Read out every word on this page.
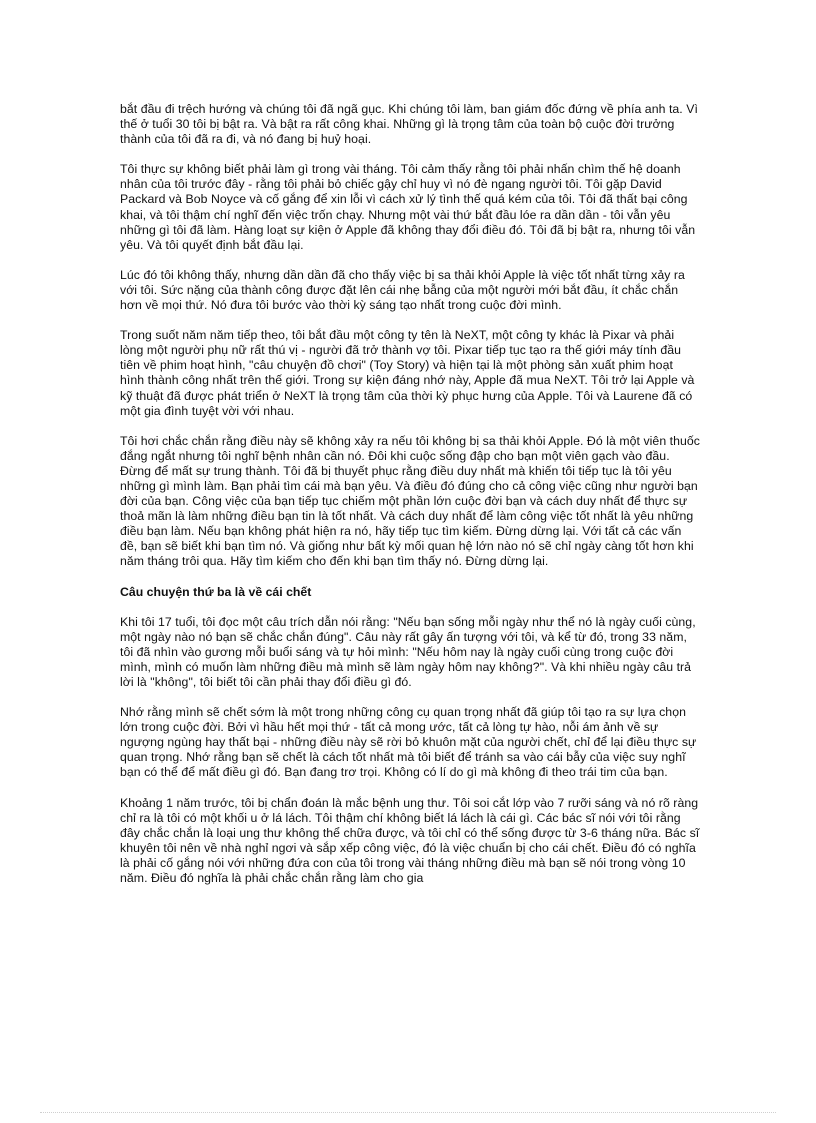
bắt đầu đi trệch hướng và chúng tôi đã ngã gục. Khi chúng tôi làm, ban giám đốc đứng về phía anh ta. Vì thế ở tuổi 30 tôi bị bật ra. Và bật ra rất công khai. Những gì là trọng tâm của toàn bộ cuộc đời trưởng thành của tôi đã ra đi, và nó đang bị huỷ hoại.

Tôi thực sự không biết phải làm gì trong vài tháng. Tôi cảm thấy rằng tôi phải nhấn chìm thế hệ doanh nhân của tôi trước đây - rằng tôi phải bỏ chiếc gậy chỉ huy vì nó đè ngang người tôi. Tôi gặp David Packard và Bob Noyce và cố gắng để xin lỗi vì cách xử lý tình thế quá kém của tôi. Tôi đã thất bại công khai, và tôi thậm chí nghĩ đến việc trốn chạy. Nhưng một vài thứ bắt đầu lóe ra dần dần - tôi vẫn yêu những gì tôi đã làm. Hàng loạt sự kiện ở Apple đã không thay đổi điều đó. Tôi đã bị bật ra, nhưng tôi vẫn yêu. Và tôi quyết định bắt đầu lại.

Lúc đó tôi không thấy, nhưng dần dần đã cho thấy việc bị sa thải khỏi Apple là việc tốt nhất từng xảy ra với tôi. Sức nặng của thành công được đặt lên cái nhẹ bẫng của một người mới bắt đầu, ít chắc chắn hơn về mọi thứ. Nó đưa tôi bước vào thời kỳ sáng tạo nhất trong cuộc đời mình.

Trong suốt năm năm tiếp theo, tôi bắt đầu một công ty tên là NeXT, một công ty khác là Pixar và phải lòng một người phụ nữ rất thú vị - người đã trở thành vợ tôi. Pixar tiếp tục tạo ra thế giới máy tính đầu tiên về phim hoạt hình, "câu chuyện đồ chơi" (Toy Story) và hiện tại là một phòng sản xuất phim hoạt hình thành công nhất trên thế giới. Trong sự kiện đáng nhớ này, Apple đã mua NeXT. Tôi trở lại Apple và kỹ thuật đã được phát triển ở NeXT là trọng tâm của thời kỳ phục hưng của Apple. Tôi và Laurene đã có một gia đình tuyệt vời với nhau.

Tôi hơi chắc chắn rằng điều này sẽ không xảy ra nếu tôi không bị sa thải khỏi Apple. Đó là một viên thuốc đắng ngắt nhưng tôi nghĩ bệnh nhân cần nó. Đôi khi cuộc sống đập cho bạn một viên gạch vào đầu. Đừng để mất sự trung thành. Tôi đã bị thuyết phục rằng điều duy nhất mà khiến tôi tiếp tục là tôi yêu những gì mình làm. Bạn phải tìm cái mà bạn yêu. Và điều đó đúng cho cả công việc cũng như người bạn đời của bạn. Công việc của bạn tiếp tục chiếm một phần lớn cuộc đời bạn và cách duy nhất để thực sự thoả mãn là làm những điều bạn tin là tốt nhất. Và cách duy nhất để làm công việc tốt nhất là yêu những điều bạn làm. Nếu bạn không phát hiện ra nó, hãy tiếp tục tìm kiếm. Đừng dừng lại. Với tất cả các vấn đề, bạn sẽ biết khi bạn tìm nó. Và giống như bất kỳ mối quan hệ lớn nào nó sẽ chỉ ngày càng tốt hơn khi năm tháng trôi qua. Hãy tìm kiếm cho đến khi bạn tìm thấy nó. Đừng dừng lại.

Câu chuyện thứ ba là về cái chết

Khi tôi 17 tuổi, tôi đọc một câu trích dẫn nói rằng: "Nếu bạn sống mỗi ngày như thể nó là ngày cuối cùng, một ngày nào nó bạn sẽ chắc chắn đúng". Câu này rất gây ấn tượng với tôi, và kể từ đó, trong 33 năm, tôi đã nhìn vào gương mỗi buổi sáng và tự hỏi mình: "Nếu hôm nay là ngày cuối cùng trong cuộc đời mình, mình có muốn làm những điều mà mình sẽ làm ngày hôm nay không?". Và khi nhiều ngày câu trả lời là "không", tôi biết tôi cần phải thay đổi điều gì đó.

Nhớ rằng mình sẽ chết sớm là một trong những công cụ quan trọng nhất đã giúp tôi tạo ra sự lựa chọn lớn trong cuộc đời. Bởi vì hầu hết mọi thứ - tất cả mong ước, tất cả lòng tự hào, nỗi ám ảnh về sự ngượng ngùng hay thất bại - những điều này sẽ rời bỏ khuôn mặt của người chết, chỉ để lại điều thực sự quan trọng. Nhớ rằng bạn sẽ chết là cách tốt nhất mà tôi biết để tránh sa vào cái bẫy của việc suy nghĩ bạn có thể để mất điều gì đó. Bạn đang trơ trọi. Không có lí do gì mà không đi theo trái tim của bạn.

Khoảng 1 năm trước, tôi bị chẩn đoán là mắc bệnh ung thư. Tôi soi cắt lớp vào 7 rưỡi sáng và nó rõ ràng chỉ ra là tôi có một khối u ở lá lách. Tôi thậm chí không biết lá lách là cái gì. Các bác sĩ nói với tôi rằng đây chắc chắn là loại ung thư không thể chữa được, và tôi chỉ có thể sống được từ 3-6 tháng nữa. Bác sĩ khuyên tôi nên về nhà nghỉ ngơi và sắp xếp công việc, đó là việc chuẩn bị cho cái chết. Điều đó có nghĩa là phải cố gắng nói với những đứa con của tôi trong vài tháng những điều mà bạn sẽ nói trong vòng 10 năm. Điều đó nghĩa là phải chắc chắn rằng làm cho gia
